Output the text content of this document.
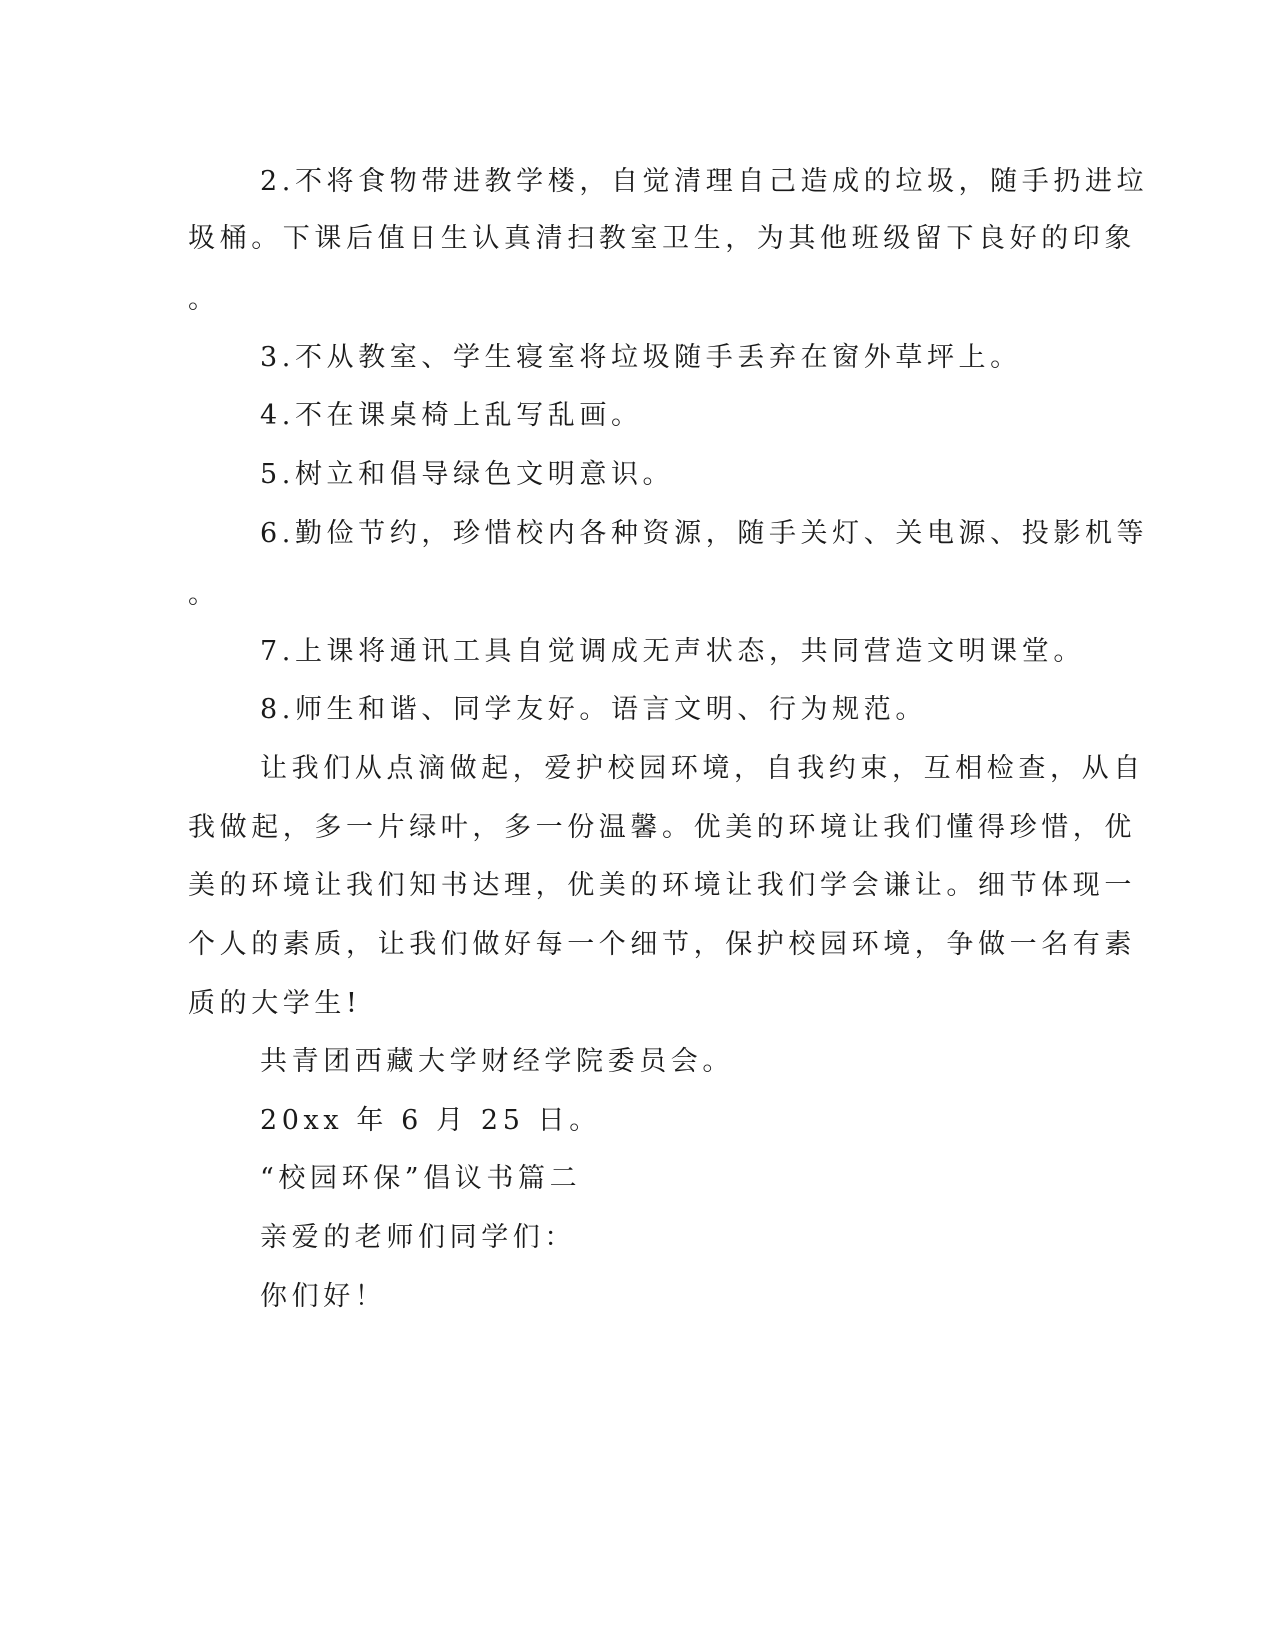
2.不将食物带进教学楼，自觉清理自己造成的垃圾，随手扔进垃
圾桶。下课后值日生认真清扫教室卫生，为其他班级留下良好的印象
。
3.不从教室、学生寝室将垃圾随手丢弃在窗外草坪上。
4.不在课桌椅上乱写乱画。
5.树立和倡导绿色文明意识。
6.勤俭节约，珍惜校内各种资源，随手关灯、关电源、投影机等
。
7.上课将通讯工具自觉调成无声状态，共同营造文明课堂。
8.师生和谐、同学友好。语言文明、行为规范。
让我们从点滴做起，爱护校园环境，自我约束，互相检查，从自
我做起，多一片绿叶，多一份温馨。优美的环境让我们懂得珍惜，优
美的环境让我们知书达理，优美的环境让我们学会谦让。细节体现一
个人的素质，让我们做好每一个细节，保护校园环境，争做一名有素
质的大学生!
共青团西藏大学财经学院委员会。
20xx 年 6 月 25 日。
“校园环保”倡议书篇二
亲爱的老师们同学们：
你们好！
